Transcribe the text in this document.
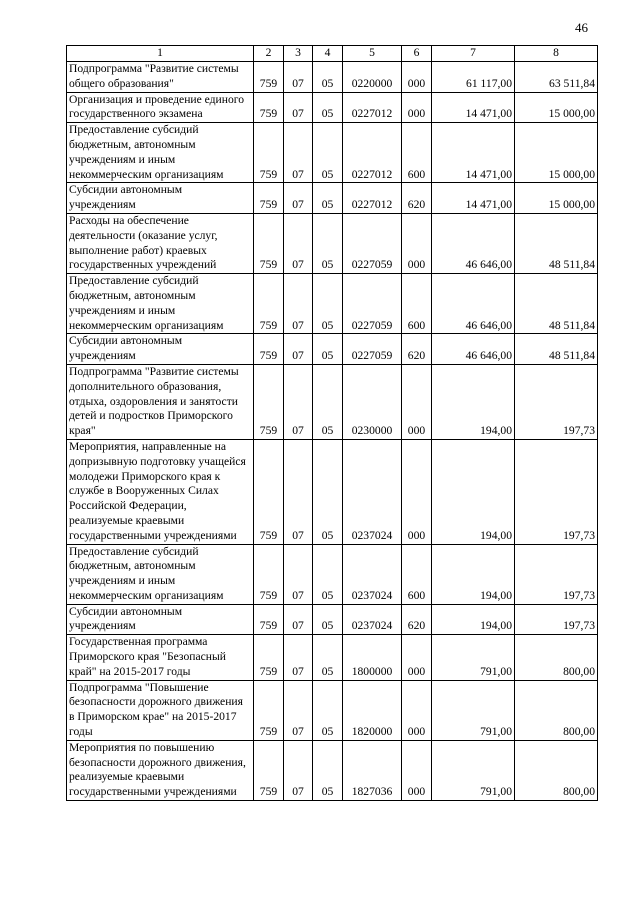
46
1	2	3	4	5	6	7	8
Подпрограмма "Развитие системы общего образования"	759	07	05	0220000	000	61 117,00	63 511,84
Организация и проведение единого государственного экзамена	759	07	05	0227012	000	14 471,00	15 000,00
Предоставление субсидий бюджетным, автономным учреждениям и иным некоммерческим организациям	759	07	05	0227012	600	14 471,00	15 000,00
Субсидии автономным учреждениям	759	07	05	0227012	620	14 471,00	15 000,00
Расходы на обеспечение деятельности (оказание услуг, выполнение работ) краевых государственных учреждений	759	07	05	0227059	000	46 646,00	48 511,84
Предоставление субсидий бюджетным, автономным учреждениям и иным некоммерческим организациям	759	07	05	0227059	600	46 646,00	48 511,84
Субсидии автономным учреждениям	759	07	05	0227059	620	46 646,00	48 511,84
Подпрограмма "Развитие системы дополнительного образования, отдыха, оздоровления и занятости детей и подростков Приморского края"	759	07	05	0230000	000	194,00	197,73
Мероприятия, направленные на допризывную подготовку учащейся молодежи Приморского края к службе в Вооруженных Силах Российской Федерации, реализуемые краевыми государственными учреждениями	759	07	05	0237024	000	194,00	197,73
Предоставление субсидий бюджетным, автономным учреждениям и иным некоммерческим организациям	759	07	05	0237024	600	194,00	197,73
Субсидии автономным учреждениям	759	07	05	0237024	620	194,00	197,73
Государственная программа Приморского края "Безопасный край" на 2015-2017 годы	759	07	05	1800000	000	791,00	800,00
Подпрограмма "Повышение безопасности дорожного движения в Приморском крае" на 2015-2017 годы	759	07	05	1820000	000	791,00	800,00
Мероприятия по повышению безопасности дорожного движения, реализуемые краевыми государственными учреждениями	759	07	05	1827036	000	791,00	800,00
